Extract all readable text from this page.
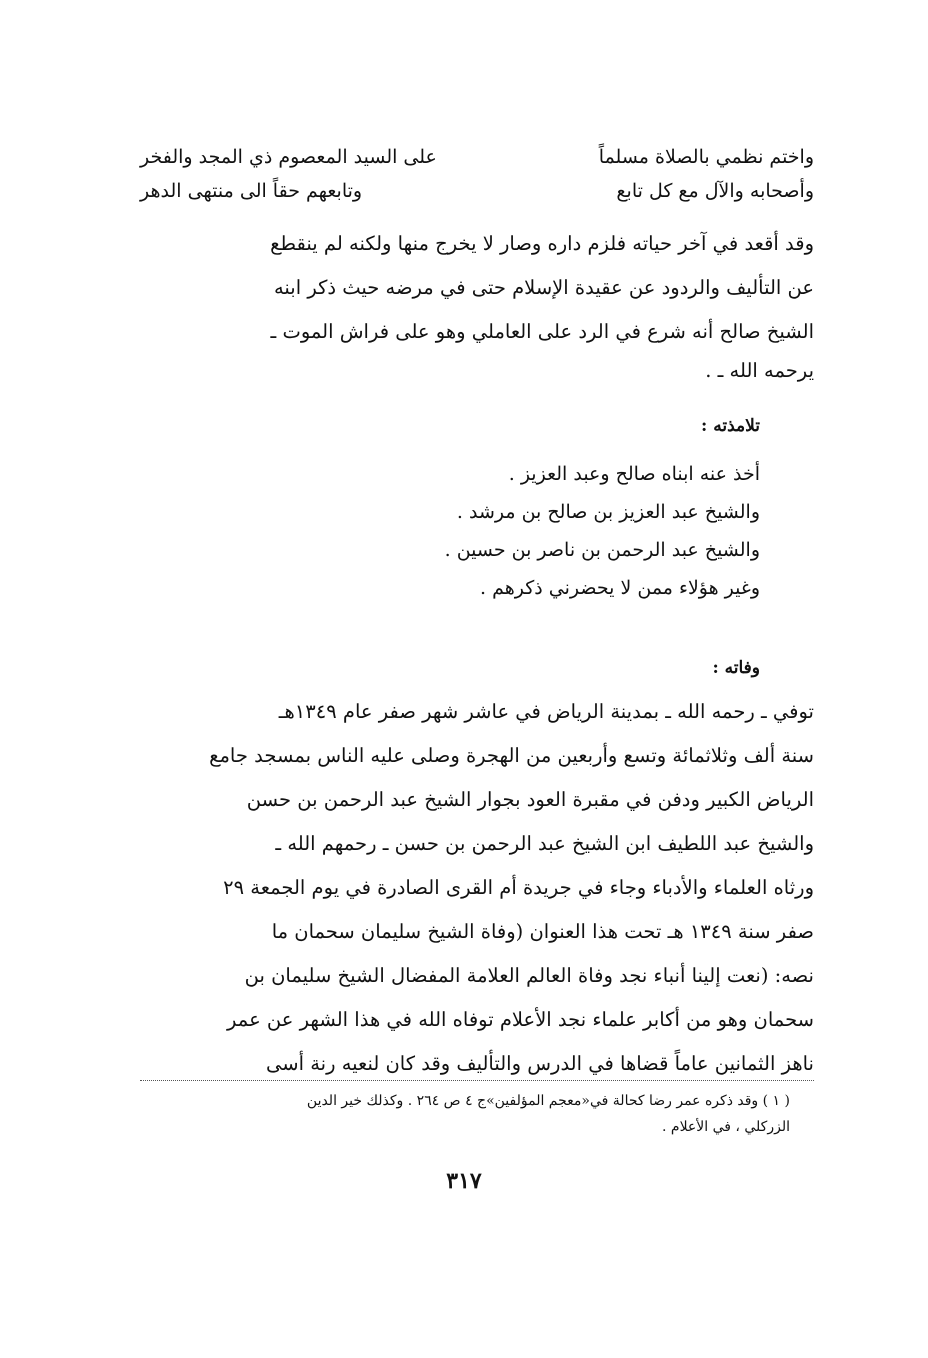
واختم نظمي بالصلاة مسلماً
على السيد المعصوم ذي المجد والفخر
وأصحابه والآل مع كل تابع
وتابعهم حقاً الى منتهى الدهر

وقد أقعد في آخر حياته فلزم داره وصار لا يخرج منها ولكنه لم ينقطع

عن التأليف والردود عن عقيدة الإسلام حتى في مرضه حيث ذكر ابنه

الشيخ صالح أنه شرع في الرد على العاملي وهو على فراش الموت ـ

يرحمه الله ـ .

تلامذته :
أخذ عنه ابناه صالح وعبد العزيز .
والشيخ عبد العزيز بن صالح بن مرشد .
والشيخ عبد الرحمن بن ناصر بن حسين .
وغير هؤلاء ممن لا يحضرني ذكرهم .
وفاته :

توفي ـ رحمه الله ـ بمدينة الرياض في عاشر شهر صفر عام ١٣٤٩هـ

سنة ألف وثلاثمائة وتسع وأربعين من الهجرة وصلى عليه الناس بمسجد جامع

الرياض الكبير ودفن في مقبرة العود بجوار الشيخ عبد الرحمن بن حسن

والشيخ عبد اللطيف ابن الشيخ عبد الرحمن بن حسن ـ رحمهم الله ـ

ورثاه العلماء والأدباء وجاء في جريدة أم القرى الصادرة في يوم الجمعة ٢٩

صفر سنة ١٣٤٩ هـ تحت هذا العنوان (وفاة الشيخ سليمان سحمان ما

نصه: (نعت إلينا أنباء نجد وفاة العالم العلامة المفضال الشيخ سليمان بن

سحمان وهو من أكابر علماء نجد الأعلام توفاه الله في هذا الشهر عن عمر

ناهز الثمانين عاماً قضاها في الدرس والتأليف وقد كان لنعيه رنة أسى

( ١ ) وقد ذكره عمر رضا كحالة في«معجم المؤلفين»ج ٤ ص ٢٦٤ . وكذلك خير الدين
الزركلي ، في الأعلام .
٣١٧
